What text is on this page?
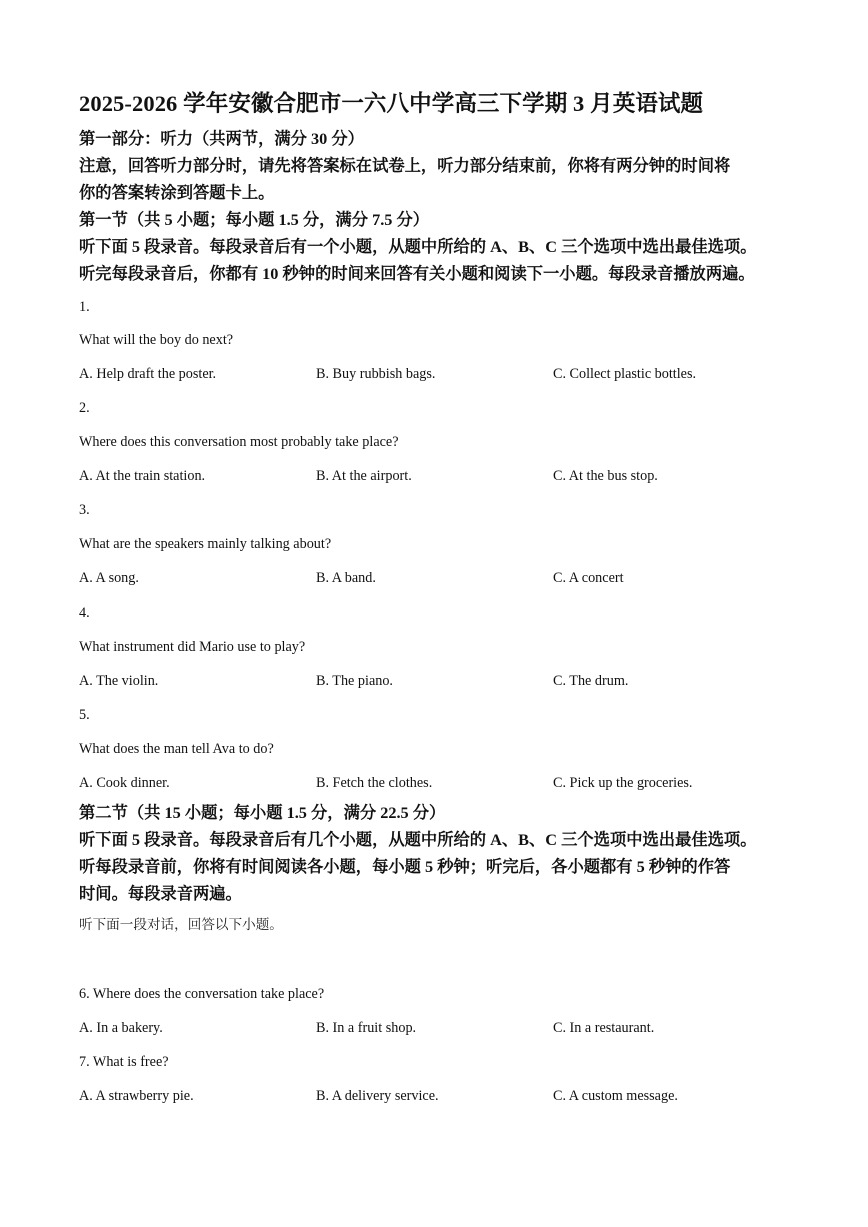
2025-2026 学年安徽合肥市一六八中学高三下学期 3 月英语试题
第一部分：听力（共两节，满分 30 分）
注意，回答听力部分时，请先将答案标在试卷上，听力部分结束前，你将有两分钟的时间将
你的答案转涂到答题卡上。
第一节（共 5 小题；每小题 1.5 分，满分 7.5 分）
听下面 5 段录音。每段录音后有一个小题，从题中所给的 A、B、C 三个选项中选出最佳选项。
听完每段录音后，你都有 10 秒钟的时间来回答有关小题和阅读下一小题。每段录音播放两遍。
1.
What will the boy do next?
A. Help draft the poster.	B. Buy rubbish bags.	C. Collect plastic bottles.
2.
Where does this conversation most probably take place?
A. At the train station.	B. At the airport.	C. At the bus stop.
3.
What are the speakers mainly talking about?
A. A song.	B. A band.	C. A concert
4.
What instrument did Mario use to play?
A. The violin.	B. The piano.	C. The drum.
5.
What does the man tell Ava to do?
A. Cook dinner.	B. Fetch the clothes.	C. Pick up the groceries.
第二节（共 15 小题；每小题 1.5 分，满分 22.5 分）
听下面 5 段录音。每段录音后有几个小题，从题中所给的 A、B、C 三个选项中选出最佳选项。
听每段录音前，你将有时间阅读各小题，每小题 5 秒钟；听完后，各小题都有 5 秒钟的作答
时间。每段录音两遍。
听下面一段对话，回答以下小题。
6. Where does the conversation take place?
A. In a bakery.	B. In a fruit shop.	C. In a restaurant.
7. What is free?
A. A strawberry pie.	B. A delivery service.	C. A custom message.
